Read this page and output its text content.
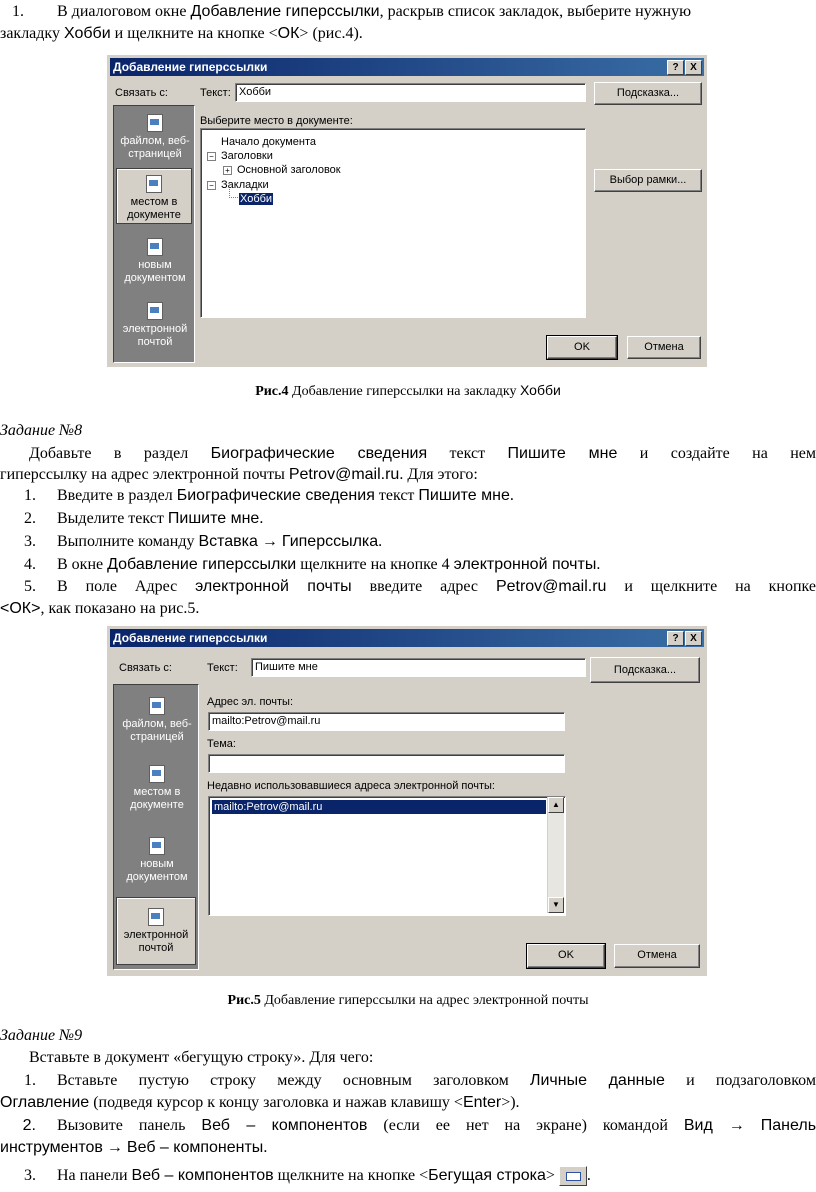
1. В диалоговом окне Добавление гиперссылки, раскрыв список закладок, выберите нужную
закладку Хобби и щелкните на кнопке <ОК> (рис.4).
Добавление гиперссылки	?	X
Связать с:	Текст: Хобби	Подсказка...
файлом, веб-страницей
местом в документе
новым документом
электронной почтой
Выберите место в документе:
Начало документа
− Заголовки
+ Основной заголовок
− Закладки
Хобби
Выбор рамки...
OK	Отмена
Рис.4 Добавление гиперссылки на закладку Хобби
Задание №8
Добавьте в раздел Биографические сведения текст Пишите мне и создайте на нем
гиперссылку на адрес электронной почты Petrov@mail.ru. Для этого:
1. Введите в раздел Биографические сведения текст Пишите мне.
2. Выделите текст Пишите мне.
3. Выполните команду Вставка → Гиперссылка.
4. В окне Добавление гиперссылки щелкните на кнопке 4 электронной почты.
5. В поле Адрес электронной почты введите адрес Petrov@mail.ru и щелкните на кнопке
<ОК>, как показано на рис.5.
Добавление гиперссылки	?	X
Связать с:	Текст:	Пишите мне	Подсказка...
файлом, веб-страницей
местом в документе
новым документом
электронной почтой
Адрес эл. почты:
mailto:Petrov@mail.ru
Тема:
Недавно использовавшиеся адреса электронной почты:
mailto:Petrov@mail.ru	▲
▼
OK	Отмена
Рис.5 Добавление гиперссылки на адрес электронной почты
Задание №9
Вставьте в документ «бегущую строку». Для чего:
1. Вставьте пустую строку между основным заголовком Личные данные и подзаголовком
Оглавление (подведя курсор к концу заголовка и нажав клавишу <Enter>).
2. Вызовите панель Веб – компонентов (если ее нет на экране) командой Вид → Панель
инструментов → Веб – компоненты.
3. На панели Веб – компонентов щелкните на кнопке <Бегущая строка> .
